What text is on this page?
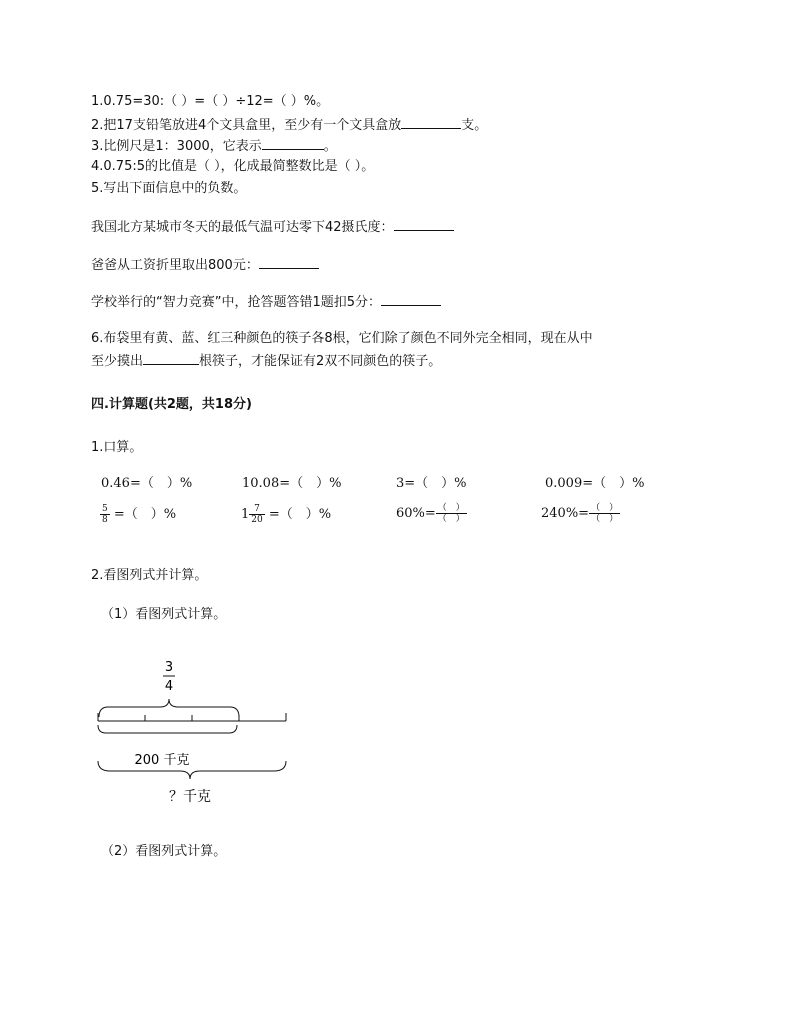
1.0.75=30:（ ）=（ ）÷12=（ ）%。
2.把17支铅笔放进4个文具盒里，至少有一个文具盒放	支。
3.比例尺是1：3000，它表示	。
4.0.75:5的比值是（ ），化成最简整数比是（ ）。
5.写出下面信息中的负数。
我国北方某城市冬天的最低气温可达零下42摄氏度：
爸爸从工资折里取出800元：
学校举行的“智力竞赛”中，抢答题答错1题扣5分：
6.布袋里有黄、蓝、红三种颜色的筷子各8根，它们除了颜色不同外完全相同，现在从中
至少摸出	根筷子，才能保证有2双不同颜色的筷子。
四.计算题(共2题，共18分)
1.口算。
0.46=（　）%	10.08=（　）%	3=（　）%	0.009=（　）%
$\frac{5}{8}$ =（　）%	$1 \frac{7}{20}$ =（　）%	$60\%= \frac{( )}{( )}$	$240\%= \frac{( )}{( )}$
2.看图列式并计算。
（1）看图列式计算。
3
4
200 千克
？千克
（2）看图列式计算。
